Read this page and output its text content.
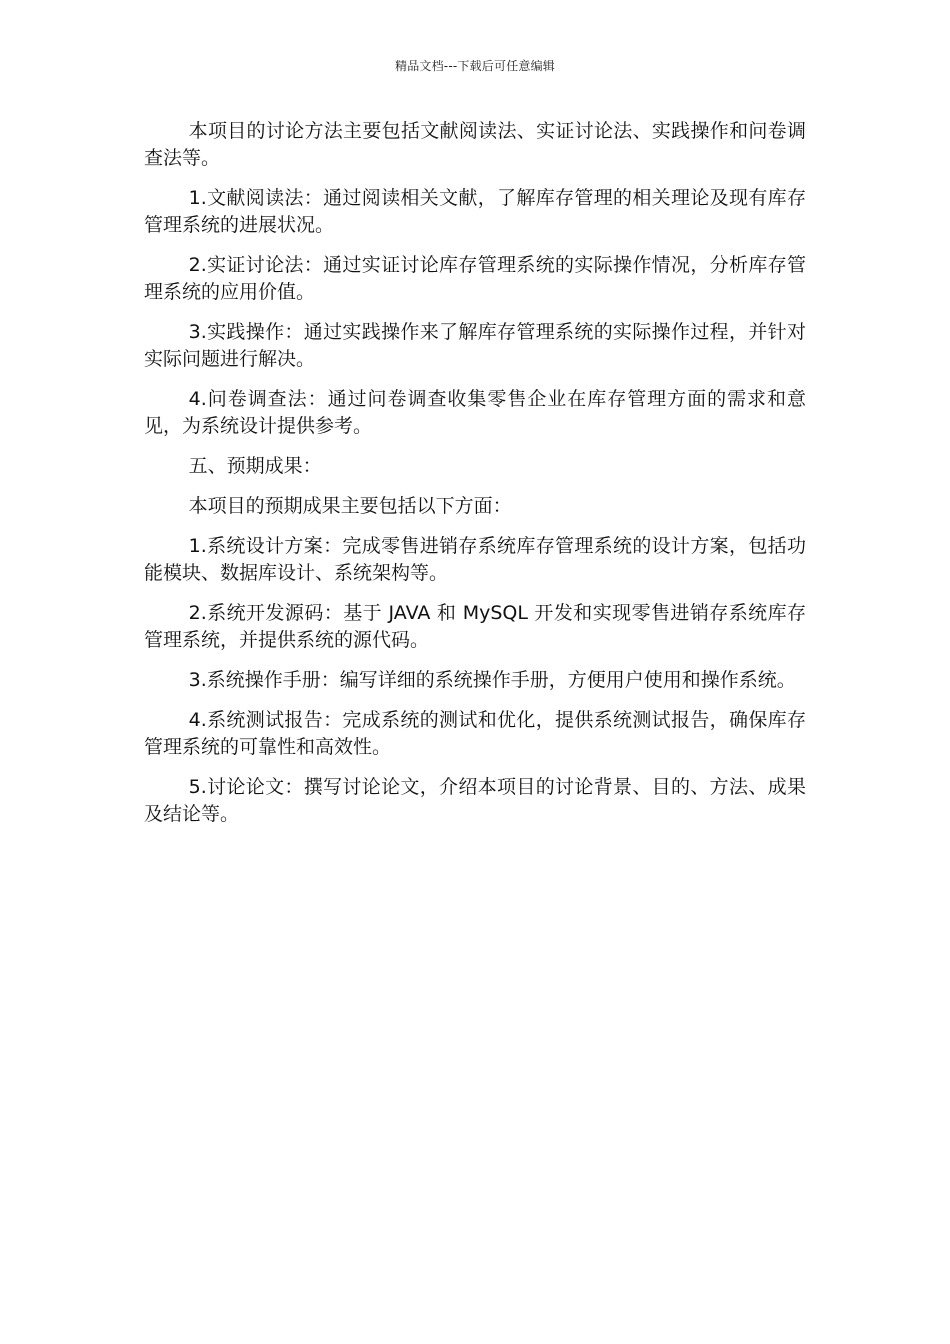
精品文档---下载后可任意编辑

本项目的讨论方法主要包括文献阅读法、实证讨论法、实践操作和问卷调查法等。

1.文献阅读法：通过阅读相关文献，了解库存管理的相关理论及现有库存管理系统的进展状况。

2.实证讨论法：通过实证讨论库存管理系统的实际操作情况，分析库存管理系统的应用价值。

3.实践操作：通过实践操作来了解库存管理系统的实际操作过程，并针对实际问题进行解决。

4.问卷调查法：通过问卷调查收集零售企业在库存管理方面的需求和意见，为系统设计提供参考。

五、预期成果：

本项目的预期成果主要包括以下方面：

1.系统设计方案：完成零售进销存系统库存管理系统的设计方案，包括功能模块、数据库设计、系统架构等。

2.系统开发源码：基于 JAVA 和 MySQL 开发和实现零售进销存系统库存管理系统，并提供系统的源代码。

3.系统操作手册：编写详细的系统操作手册，方便用户使用和操作系统。

4.系统测试报告：完成系统的测试和优化，提供系统测试报告，确保库存管理系统的可靠性和高效性。

5.讨论论文：撰写讨论论文，介绍本项目的讨论背景、目的、方法、成果及结论等。
